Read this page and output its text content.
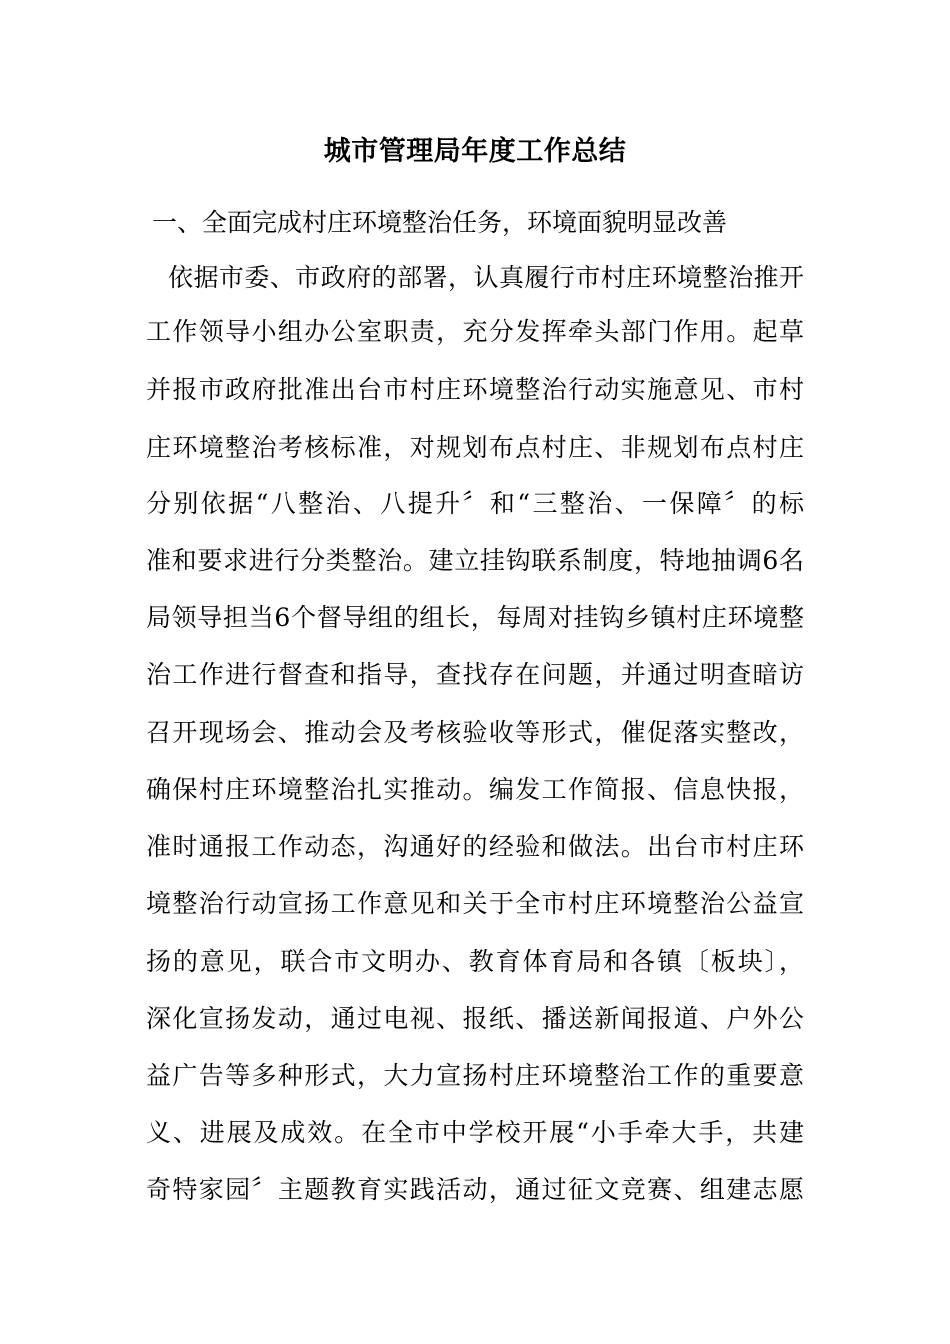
城市管理局年度工作总结
一、全面完成村庄环境整治任务，环境面貌明显改善
依据市委、市政府的部署，认真履行市村庄环境整治推开
工作领导小组办公室职责，充分发挥牵头部门作用。起草
并报市政府批准出台市村庄环境整治行动实施意见、市村
庄环境整治考核标准，对规划布点村庄、非规划布点村庄
分别依据“八整治、八提升〞和“三整治、一保障〞的标
准和要求进行分类整治。建立挂钩联系制度，特地抽调6名
局领导担当6个督导组的组长，每周对挂钩乡镇村庄环境整
治工作进行督查和指导，查找存在问题，并通过明查暗访
召开现场会、推动会及考核验收等形式，催促落实整改，
确保村庄环境整治扎实推动。编发工作简报、信息快报，
准时通报工作动态，沟通好的经验和做法。出台市村庄环
境整治行动宣扬工作意见和关于全市村庄环境整治公益宣
扬的意见，联合市文明办、教育体育局和各镇〔板块〕，
深化宣扬发动，通过电视、报纸、播送新闻报道、户外公
益广告等多种形式，大力宣扬村庄环境整治工作的重要意
义、进展及成效。在全市中学校开展“小手牵大手，共建
奇特家园〞主题教育实践活动，通过征文竞赛、组建志愿
